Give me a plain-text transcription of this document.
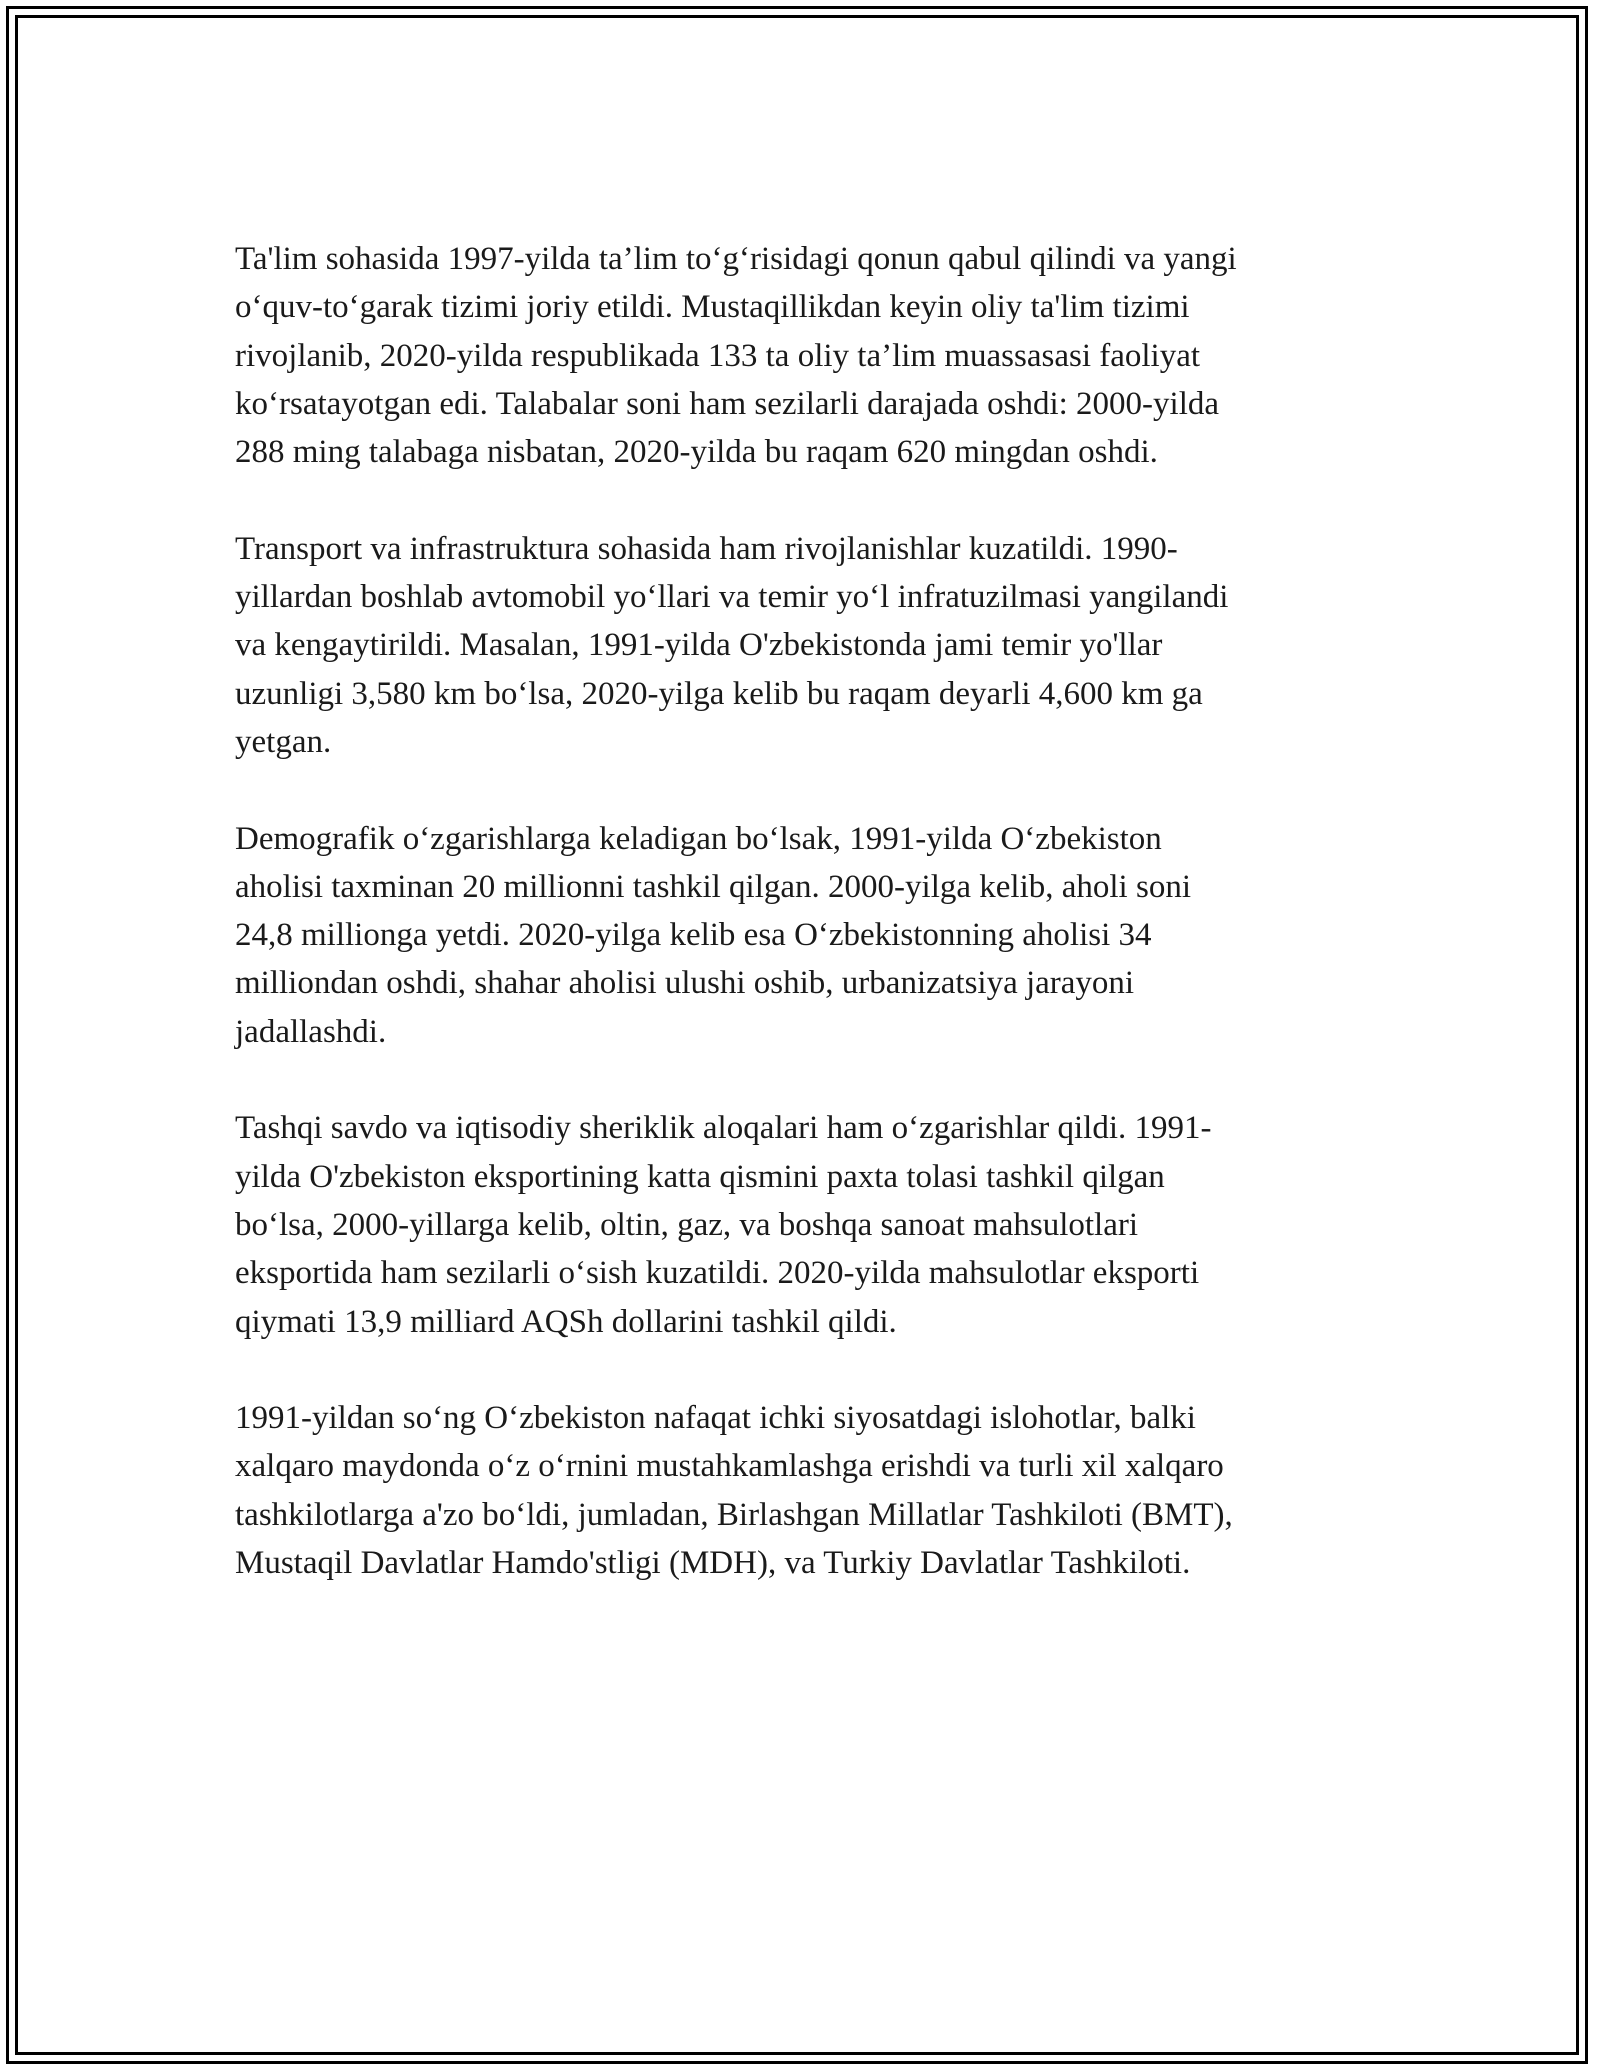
Ta'lim sohasida 1997-yilda ta’lim to‘g‘risidagi qonun qabul qilindi va yangi
o‘quv-to‘garak tizimi joriy etildi. Mustaqillikdan keyin oliy ta'lim tizimi
rivojlanib, 2020-yilda respublikada 133 ta oliy ta’lim muassasasi faoliyat
ko‘rsatayotgan edi. Talabalar soni ham sezilarli darajada oshdi: 2000-yilda
288 ming talabaga nisbatan, 2020-yilda bu raqam 620 mingdan oshdi.

Transport va infrastruktura sohasida ham rivojlanishlar kuzatildi. 1990-
yillardan boshlab avtomobil yo‘llari va temir yo‘l infratuzilmasi yangilandi
va kengaytirildi. Masalan, 1991-yilda O'zbekistonda jami temir yo'llar
uzunligi 3,580 km bo‘lsa, 2020-yilga kelib bu raqam deyarli 4,600 km ga
yetgan.

Demografik o‘zgarishlarga keladigan bo‘lsak, 1991-yilda O‘zbekiston
aholisi taxminan 20 millionni tashkil qilgan. 2000-yilga kelib, aholi soni
24,8 millionga yetdi. 2020-yilga kelib esa O‘zbekistonning aholisi 34
milliondan oshdi, shahar aholisi ulushi oshib, urbanizatsiya jarayoni
jadallashdi.

Tashqi savdo va iqtisodiy sheriklik aloqalari ham o‘zgarishlar qildi. 1991-
yilda O'zbekiston eksportining katta qismini paxta tolasi tashkil qilgan
bo‘lsa, 2000-yillarga kelib, oltin, gaz, va boshqa sanoat mahsulotlari
eksportida ham sezilarli o‘sish kuzatildi. 2020-yilda mahsulotlar eksporti
qiymati 13,9 milliard AQSh dollarini tashkil qildi.

1991-yildan so‘ng O‘zbekiston nafaqat ichki siyosatdagi islohotlar, balki
xalqaro maydonda o‘z o‘rnini mustahkamlashga erishdi va turli xil xalqaro
tashkilotlarga a'zo bo‘ldi, jumladan, Birlashgan Millatlar Tashkiloti (BMT),
Mustaqil Davlatlar Hamdo'stligi (MDH), va Turkiy Davlatlar Tashkiloti.
